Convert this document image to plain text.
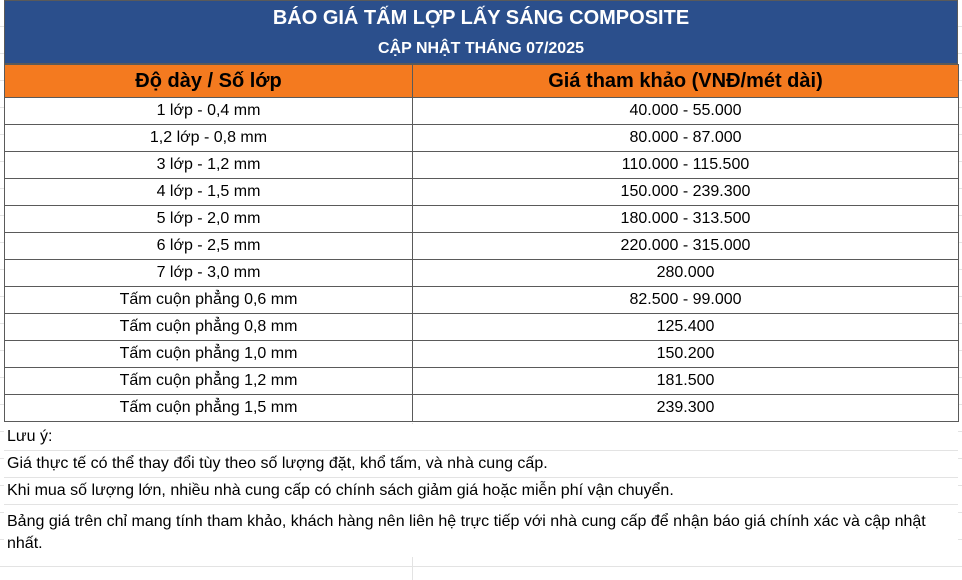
BÁO GIÁ TẤM LỢP LẤY SÁNG COMPOSITE
CẬP NHẬT THÁNG 07/2025
Độ dày / Số lớp	Giá tham khảo (VNĐ/mét dài)
1 lớp - 0,4 mm	40.000 - 55.000
1,2 lớp - 0,8 mm	80.000 - 87.000
3 lớp - 1,2 mm	110.000 - 115.500
4 lớp - 1,5 mm	150.000 - 239.300
5 lớp - 2,0 mm	180.000 - 313.500
6 lớp - 2,5 mm	220.000 - 315.000
7 lớp - 3,0 mm	280.000
Tấm cuộn phẳng 0,6 mm	82.500 - 99.000
Tấm cuộn phẳng 0,8 mm	125.400
Tấm cuộn phẳng 1,0 mm	150.200
Tấm cuộn phẳng 1,2 mm	181.500
Tấm cuộn phẳng 1,5 mm	239.300
Lưu ý:
Giá thực tế có thể thay đổi tùy theo số lượng đặt, khổ tấm, và nhà cung cấp.
Khi mua số lượng lớn, nhiều nhà cung cấp có chính sách giảm giá hoặc miễn phí vận chuyển.
Bảng giá trên chỉ mang tính tham khảo, khách hàng nên liên hệ trực tiếp với nhà cung cấp để nhận báo giá chính xác và cập nhật nhất.
